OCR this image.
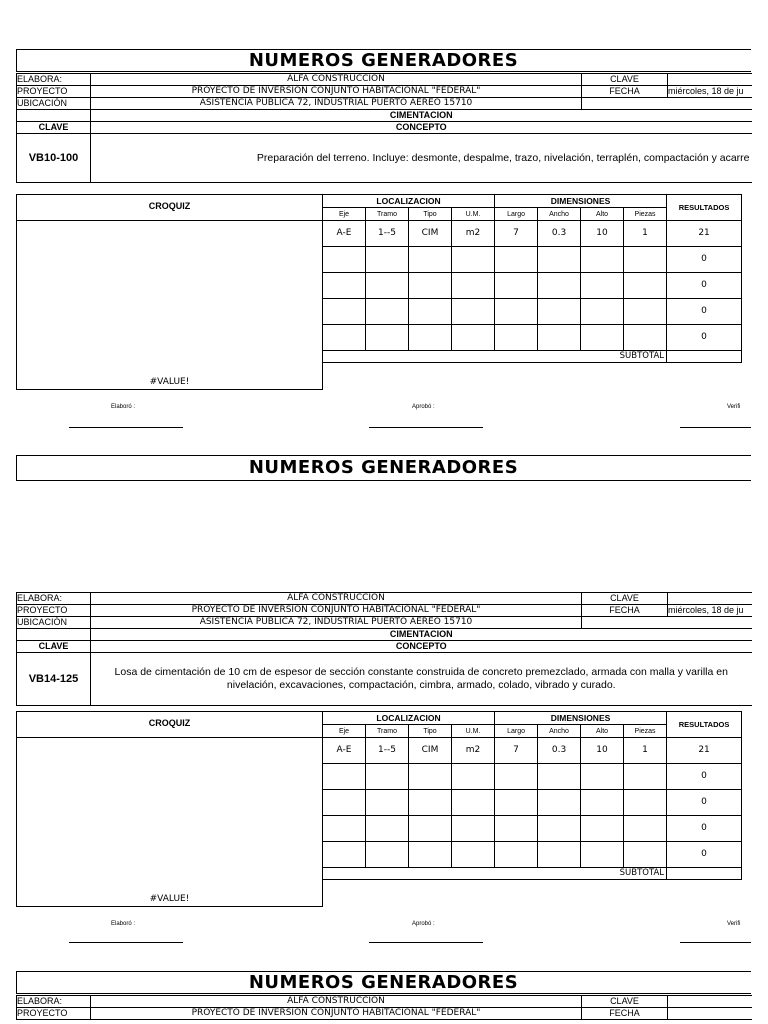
NUMEROS GENERADORES
ELABORA:	ALFA CONSTRUCCION	CLAVE	
PROYECTO	PROYECTO DE INVERSION CONJUNTO HABITACIONAL "FEDERAL"	FECHA	miércoles, 18 de ju
UBICACIÓN	ASISTENCIA PUBLICA 72, INDUSTRIAL PUERTO AEREO 15710		
	CIMENTACION		
CLAVE	CONCEPTO		
VB10-100	Preparación del terreno. Incluye: desmonte, despalme, trazo, nivelación, terraplén, compactación y acarre		
CROQUIZ
#VALUE!
LOCALIZACION				DIMENSIONES				RESULTADOS
Eje	Tramo	Tipo	U.M.	Largo	Ancho	Alto	Piezas	
A-E	1--5	CIM	m2	7	0.3	10	1	21
								0
								0
								0
								0
SUBTOTAL								
Elaboró :	Aprobó :	Verifi
NUMEROS GENERADORES
ELABORA:	ALFA CONSTRUCCION	CLAVE	
PROYECTO	PROYECTO DE INVERSION CONJUNTO HABITACIONAL "FEDERAL"	FECHA	miércoles, 18 de ju
UBICACIÓN	ASISTENCIA PUBLICA 72, INDUSTRIAL PUERTO AEREO 15710		
	CIMENTACION		
CLAVE	CONCEPTO		
VB14-125	Losa de cimentación de 10 cm de espesor de sección constante construida de concreto premezclado, armada con malla y varilla en nivelación, excavaciones, compactación, cimbra, armado, colado, vibrado y curado.		
CROQUIZ
#VALUE!
LOCALIZACION				DIMENSIONES				RESULTADOS
Eje	Tramo	Tipo	U.M.	Largo	Ancho	Alto	Piezas	
A-E	1--5	CIM	m2	7	0.3	10	1	21
								0
								0
								0
								0
SUBTOTAL								
Elaboró :	Aprobó :	Verifi
NUMEROS GENERADORES
ELABORA:	ALFA CONSTRUCCION	CLAVE	
PROYECTO	PROYECTO DE INVERSION CONJUNTO HABITACIONAL "FEDERAL"	FECHA	
